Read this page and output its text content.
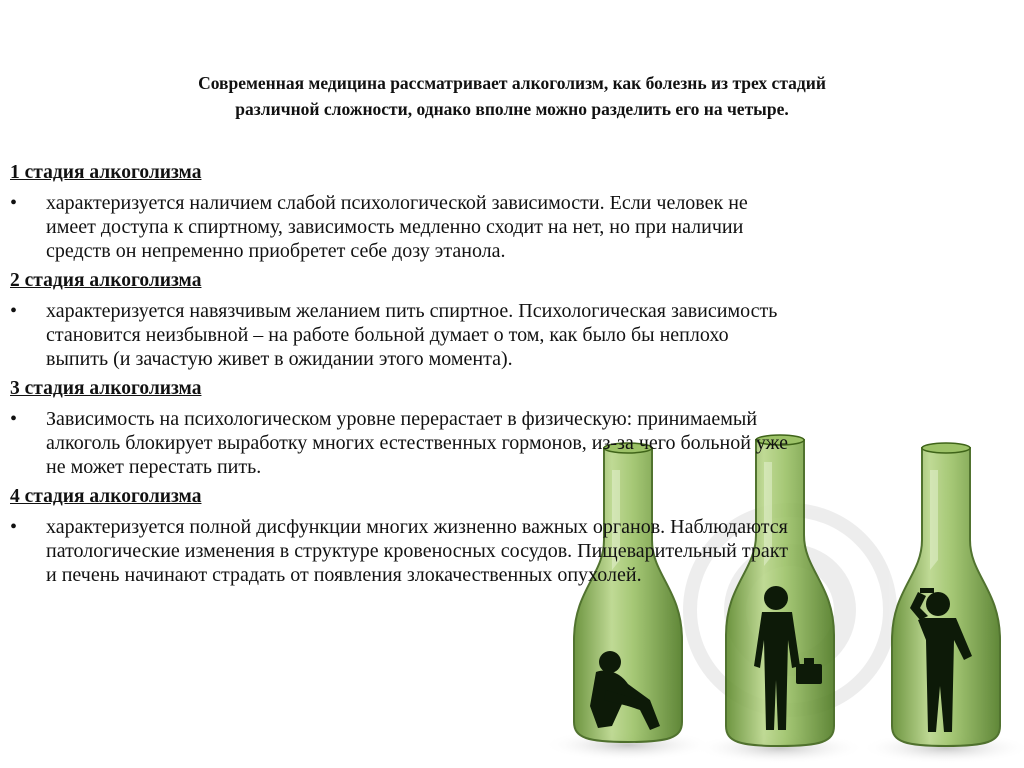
Современная медицина рассматривает алкоголизм, как болезнь из трех стадий
различной сложности, однако вполне можно разделить его на четыре.
1 стадия алкоголизма
•	характеризуется наличием слабой психологической зависимости. Если человек не
имеет доступа к спиртному, зависимость медленно сходит на нет, но при наличии
средств он непременно приобретет себе дозу этанола.
2 стадия алкоголизма
•	характеризуется навязчивым желанием пить спиртное. Психологическая зависимость
становится неизбывной – на работе больной думает о том, как было бы неплохо
выпить (и зачастую живет в ожидании этого момента).
3 стадия алкоголизма
•	Зависимость на психологическом уровне перерастает в физическую: принимаемый
алкоголь блокирует выработку многих естественных гормонов, из-за чего больной уже
не может перестать пить.
4 стадия алкоголизма
•	характеризуется полной дисфункции многих жизненно важных органов. Наблюдаются
патологические изменения в структуре кровеносных сосудов. Пищеварительный тракт
и печень начинают страдать от появления злокачественных опухолей.
